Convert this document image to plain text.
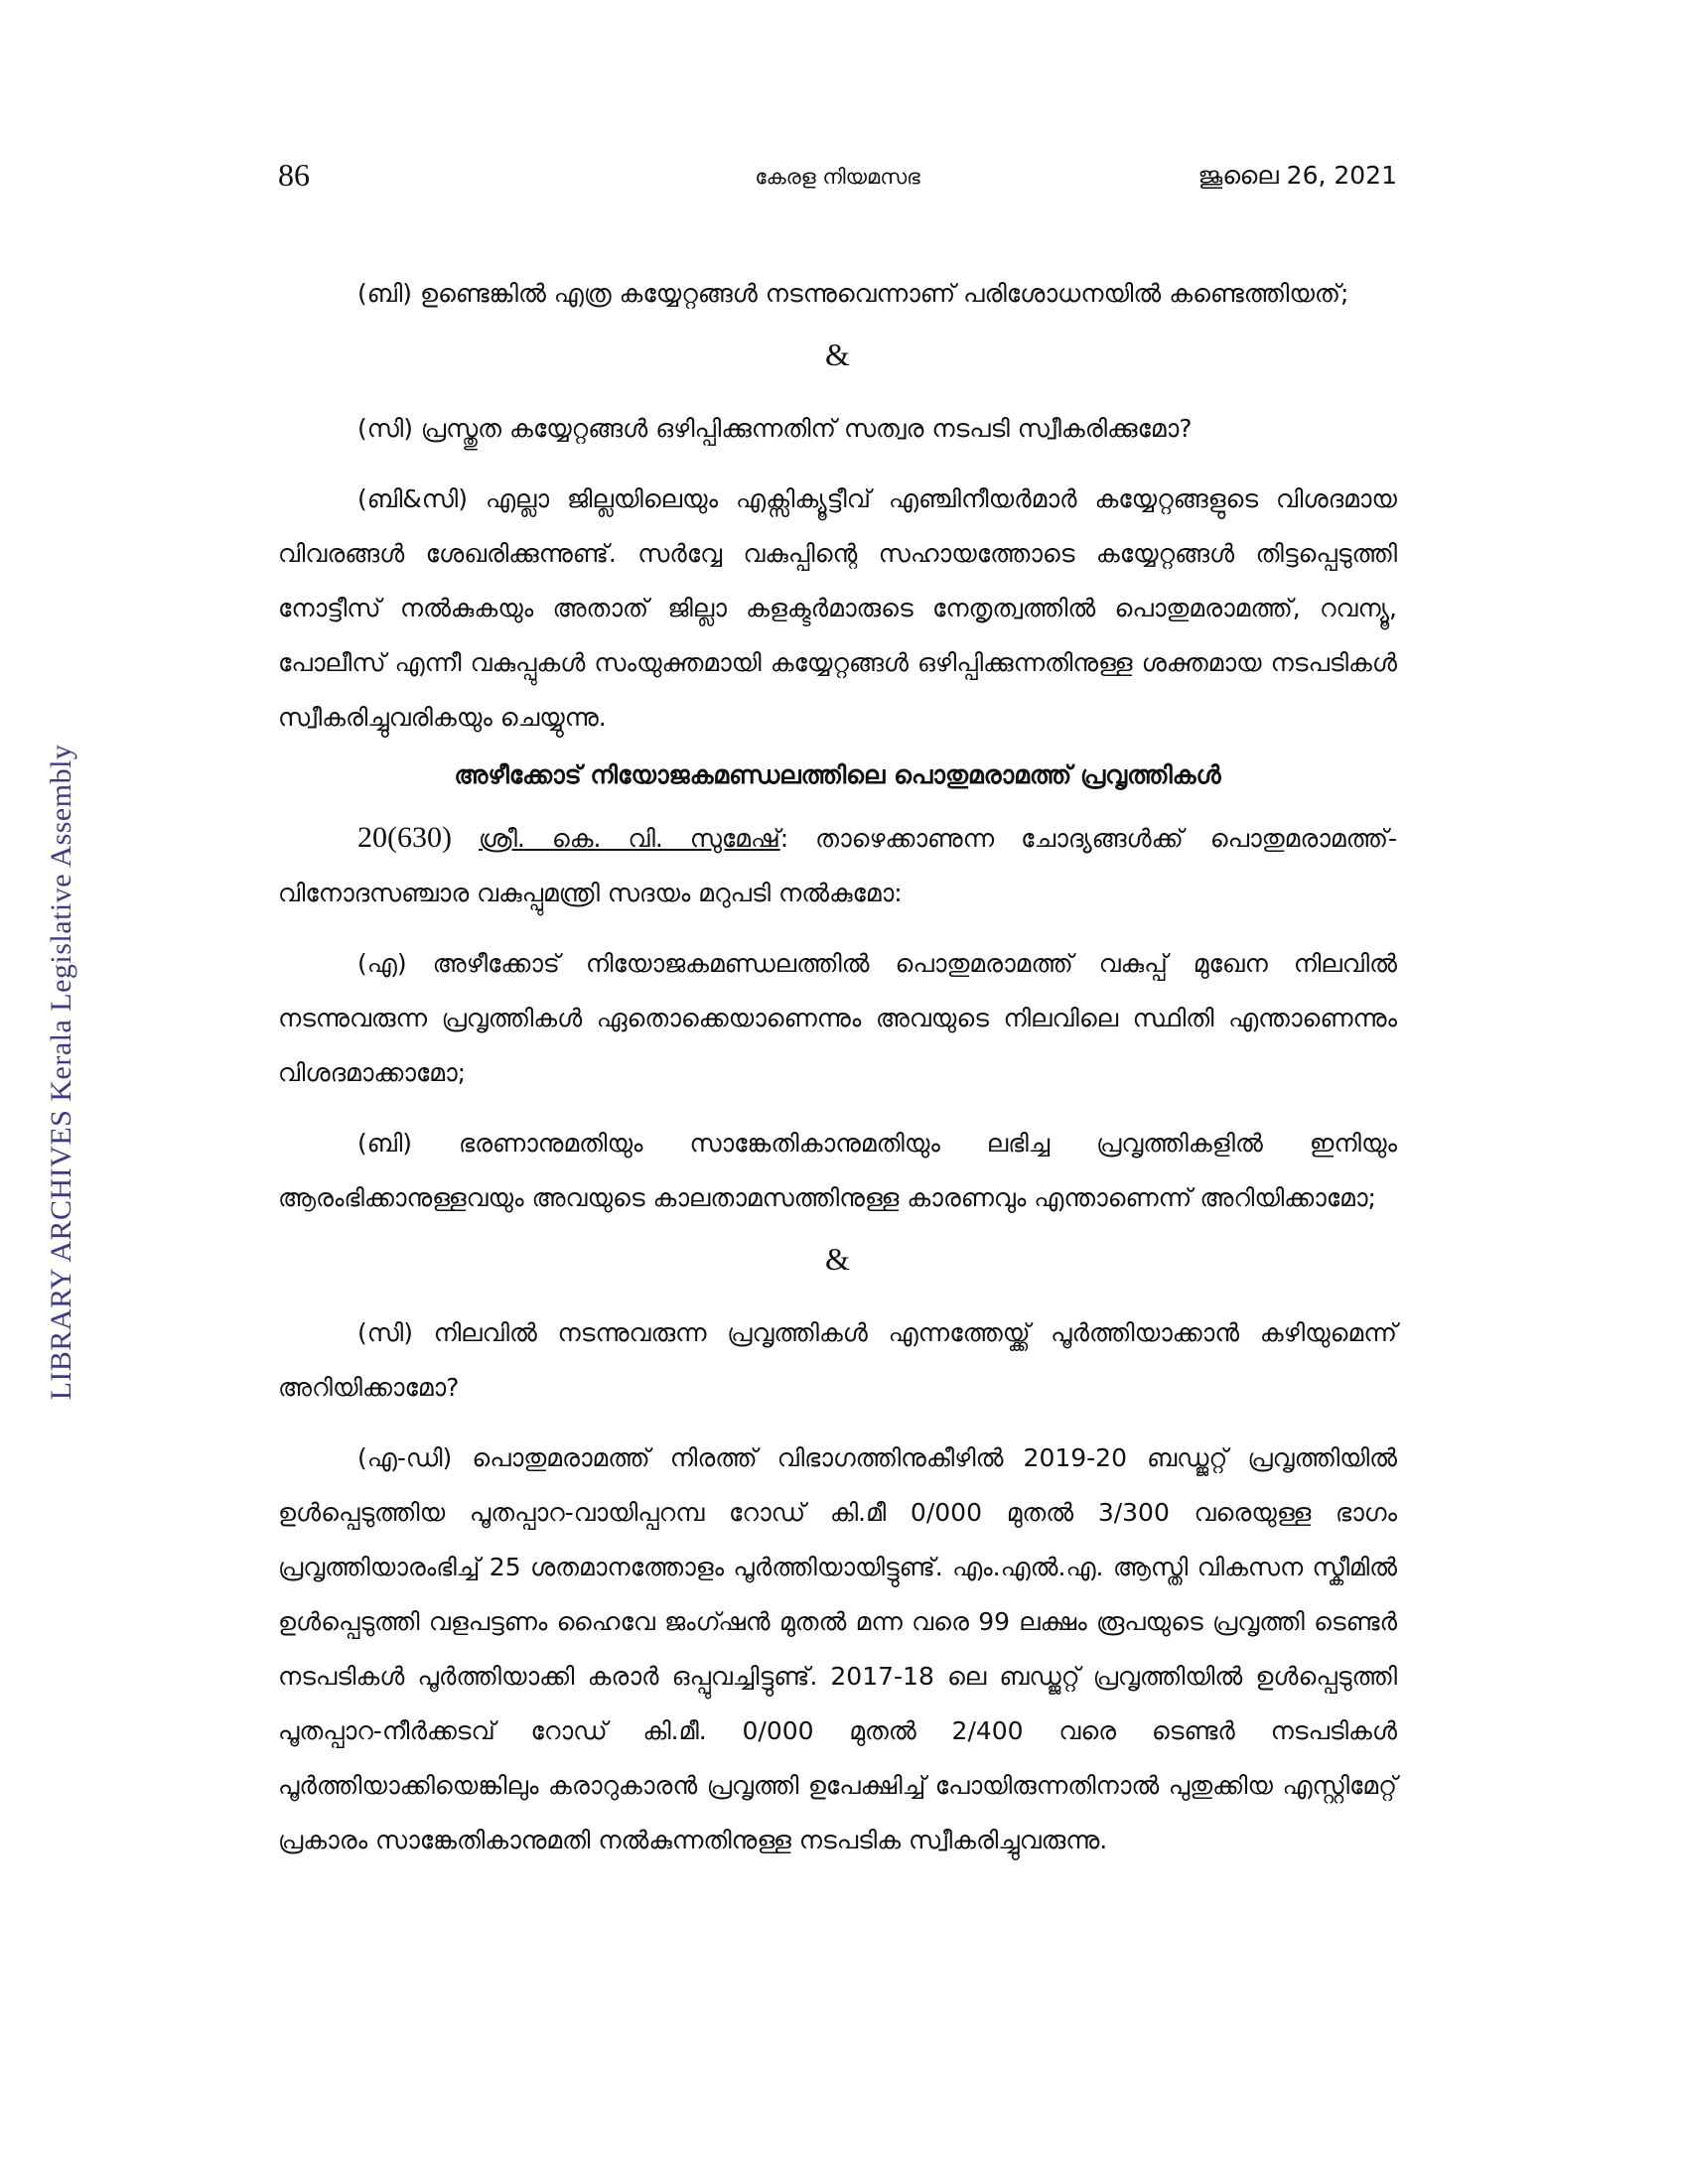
LIBRARY ARCHIVES Kerala Legislative Assembly
86	കേരള നിയമസഭ	ജൂലൈ 26, 2021

(ബി) ഉണ്ടെങ്കിൽ എത്ര കയ്യേറ്റങ്ങൾ നടന്നുവെന്നാണ് പരിശോധനയിൽ കണ്ടെത്തിയത്;

&

(സി) പ്രസ്തുത കയ്യേറ്റങ്ങൾ ഒഴിപ്പിക്കുന്നതിന് സത്വര നടപടി സ്വീകരിക്കുമോ?

(ബി&സി) എല്ലാ ജില്ലയിലെയും എക്സിക്യൂട്ടീവ് എഞ്ചിനീയർമാർ കയ്യേറ്റങ്ങളുടെ വിശദമായ വിവരങ്ങൾ ശേഖരിക്കുന്നുണ്ട്. സർവ്വേ വകുപ്പിന്റെ സഹായത്തോടെ കയ്യേറ്റങ്ങൾ തിട്ടപ്പെടുത്തി നോട്ടീസ് നൽകുകയും അതാത് ജില്ലാ കളക്ടർമാരുടെ നേതൃത്വത്തിൽ പൊതുമരാമത്ത്, റവന്യൂ, പോലീസ് എന്നീ വകുപ്പുകൾ സംയുക്തമായി കയ്യേറ്റങ്ങൾ ഒഴിപ്പിക്കുന്നതിനുള്ള ശക്തമായ നടപടികൾ സ്വീകരിച്ചുവരികയും ചെയ്യുന്നു.

അഴീക്കോട് നിയോജകമണ്ഡലത്തിലെ പൊതുമരാമത്ത് പ്രവൃത്തികൾ

20(630) ശ്രീ. കെ. വി. സുമേഷ്: താഴെക്കാണുന്ന ചോദ്യങ്ങൾക്ക് പൊതുമരാമത്ത്-വിനോദസഞ്ചാര വകുപ്പുമന്ത്രി സദയം മറുപടി നൽകുമോ:

(എ) അഴീക്കോട് നിയോജകമണ്ഡലത്തിൽ പൊതുമരാമത്ത് വകുപ്പ് മുഖേന നിലവിൽ നടന്നുവരുന്ന പ്രവൃത്തികൾ ഏതൊക്കെയാണെന്നും അവയുടെ നിലവിലെ സ്ഥിതി എന്താണെന്നും വിശദമാക്കാമോ;

(ബി) ഭരണാനുമതിയും സാങ്കേതികാനുമതിയും ലഭിച്ച പ്രവൃത്തികളിൽ ഇനിയും ആരംഭിക്കാനുള്ളവയും അവയുടെ കാലതാമസത്തിനുള്ള കാരണവും എന്താണെന്ന് അറിയിക്കാമോ;

&

(സി) നിലവിൽ നടന്നുവരുന്ന പ്രവൃത്തികൾ എന്നത്തേയ്ക്ക് പൂർത്തിയാക്കാൻ കഴിയുമെന്ന് അറിയിക്കാമോ?

(എ-ഡി) പൊതുമരാമത്ത് നിരത്ത് വിഭാഗത്തിനുകീഴിൽ 2019-20 ബഡ്ജറ്റ് പ്രവൃത്തിയിൽ ഉൾപ്പെടുത്തിയ പൂതപ്പാറ-വായിപ്പറമ്പ റോഡ് കി.മീ 0/000 മുതൽ 3/300 വരെയുള്ള ഭാഗം പ്രവൃത്തിയാരംഭിച്ച് 25 ശതമാനത്തോളം പൂർത്തിയായിട്ടുണ്ട്. എം.എൽ.എ. ആസ്തി വികസന സ്കീമിൽ ഉൾപ്പെടുത്തി വളപട്ടണം ഹൈവേ ജംഗ്ഷൻ മുതൽ മന്ന വരെ 99 ലക്ഷം രൂപയുടെ പ്രവൃത്തി ടെണ്ടർ നടപടികൾ പൂർത്തിയാക്കി കരാർ ഒപ്പുവച്ചിട്ടുണ്ട്. 2017-18 ലെ ബഡ്ജറ്റ് പ്രവൃത്തിയിൽ ഉൾപ്പെടുത്തി പൂതപ്പാറ-നീർക്കടവ് റോഡ് കി.മീ. 0/000 മുതൽ 2/400 വരെ ടെണ്ടർ നടപടികൾ പൂർത്തിയാക്കിയെങ്കിലും കരാറുകാരൻ പ്രവൃത്തി ഉപേക്ഷിച്ച് പോയിരുന്നതിനാൽ പുതുക്കിയ എസ്റ്റിമേറ്റ് പ്രകാരം സാങ്കേതികാനുമതി നൽകുന്നതിനുള്ള നടപടിക സ്വീകരിച്ചുവരുന്നു.
